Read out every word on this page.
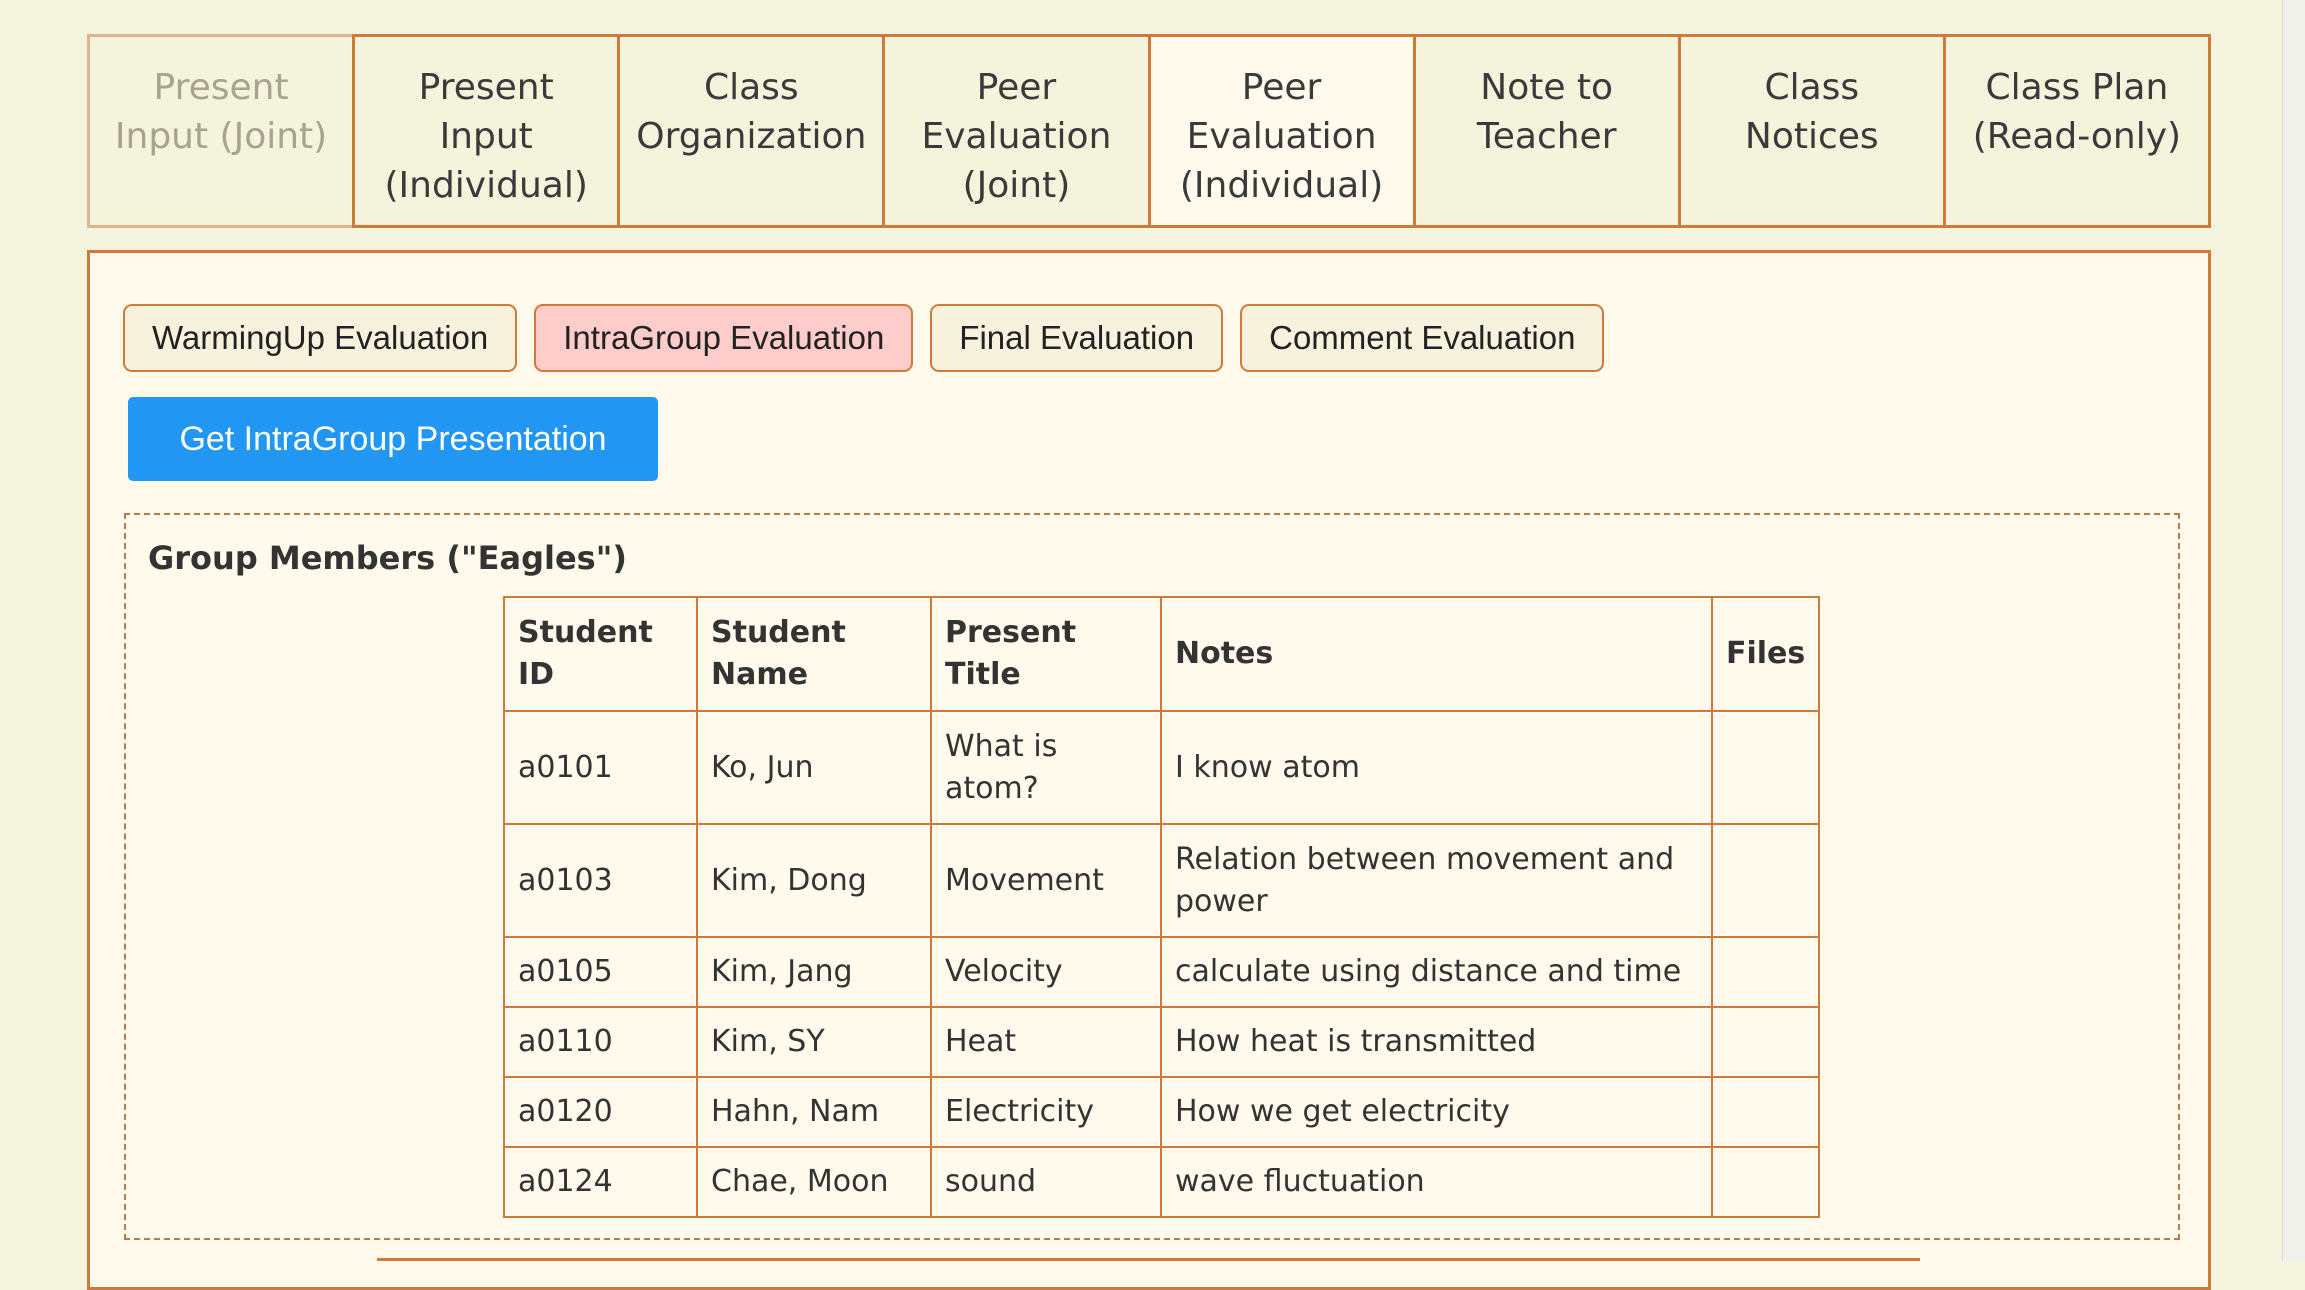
Present
Input (Joint)
Present
Input
(Individual)
Class
Organization
Peer
Evaluation
(Joint)
Peer
Evaluation
(Individual)
Note to
Teacher
Class
Notices
Class Plan
(Read-only)
WarmingUp Evaluation	IntraGroup Evaluation	Final Evaluation	Comment Evaluation
Get IntraGroup Presentation
Group Members ("Eagles")
Student ID	Student Name	Present Title	Notes	Files
a0101	Ko, Jun	What is atom?	I know atom	
a0103	Kim, Dong	Movement	Relation between movement and power	
a0105	Kim, Jang	Velocity	calculate using distance and time	
a0110	Kim, SY	Heat	How heat is transmitted	
a0120	Hahn, Nam	Electricity	How we get electricity	
a0124	Chae, Moon	sound	wave fluctuation	
